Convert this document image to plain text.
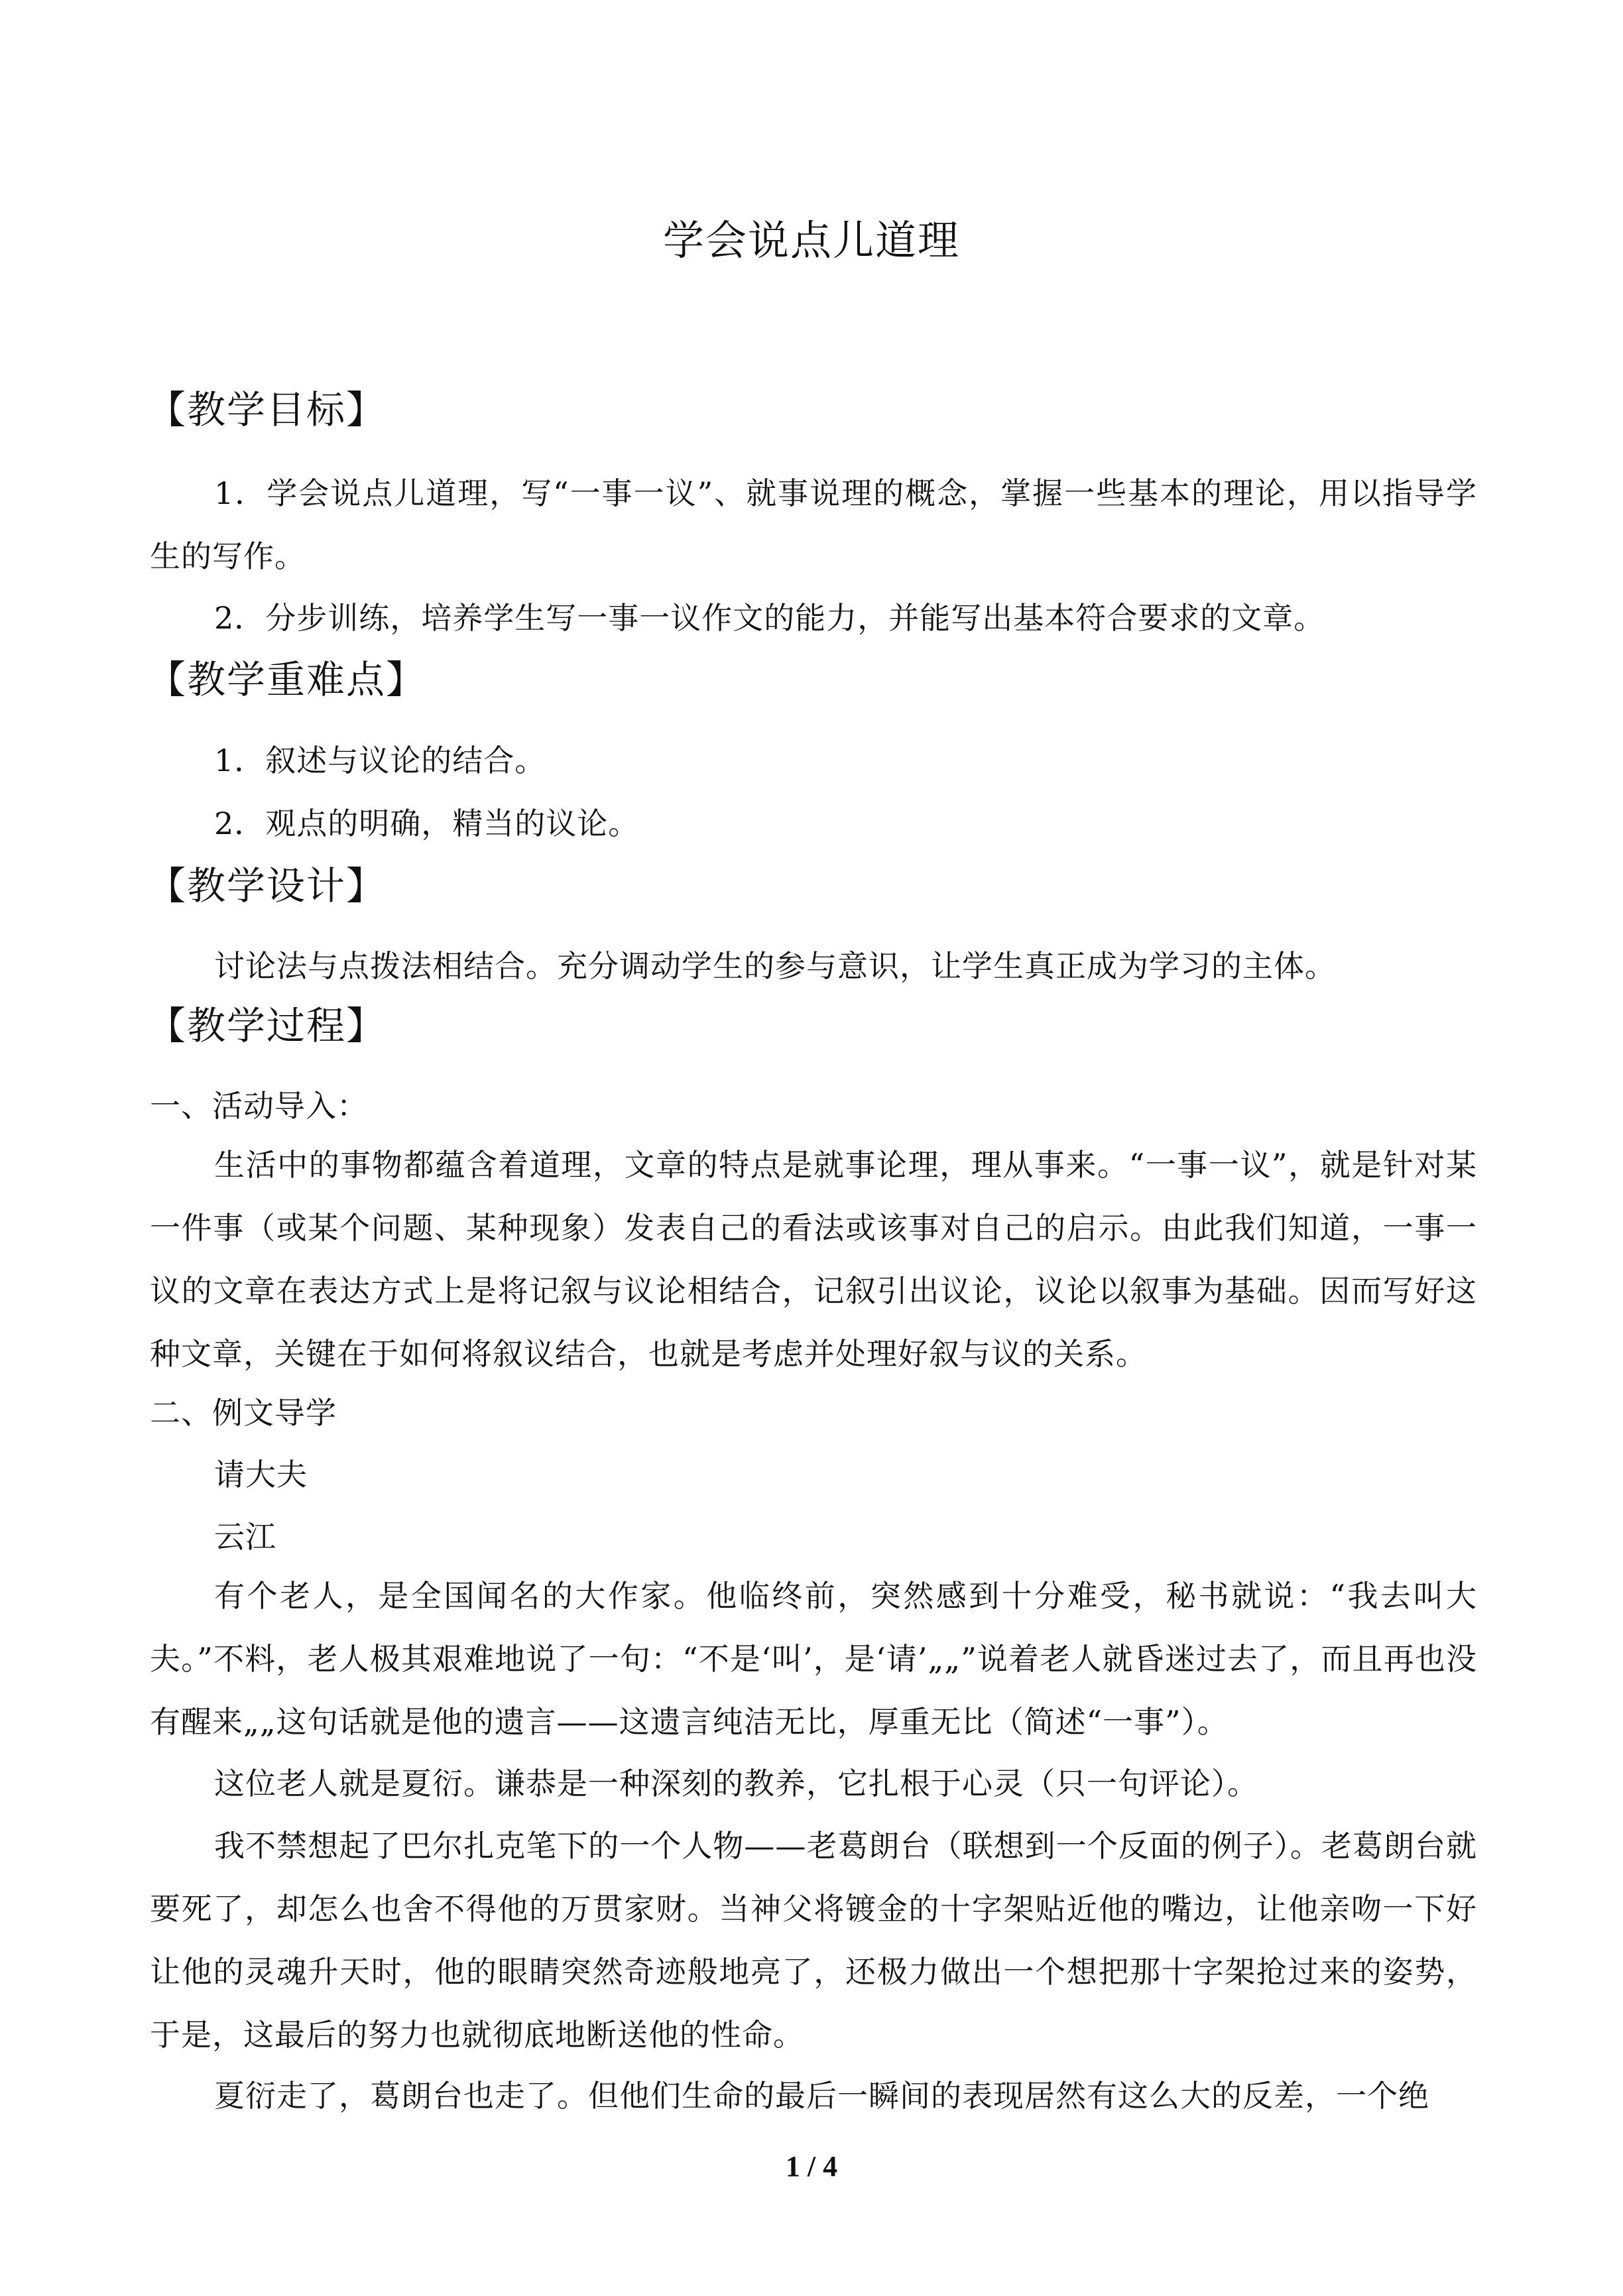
学会说点儿道理
【教学目标】
1．学会说点儿道理，写“一事一议”、就事说理的概念，掌握一些基本的理论，用以指导学生的写作。
2．分步训练，培养学生写一事一议作文的能力，并能写出基本符合要求的文章。
【教学重难点】
1．叙述与议论的结合。
2．观点的明确，精当的议论。
【教学设计】
讨论法与点拨法相结合。充分调动学生的参与意识，让学生真正成为学习的主体。
【教学过程】
一、活动导入：
生活中的事物都蕴含着道理，文章的特点是就事论理，理从事来。“一事一议”，就是针对某一件事（或某个问题、某种现象）发表自己的看法或该事对自己的启示。由此我们知道，一事一议的文章在表达方式上是将记叙与议论相结合，记叙引出议论，议论以叙事为基础。因而写好这种文章，关键在于如何将叙议结合，也就是考虑并处理好叙与议的关系。
二、例文导学
请大夫
云江
有个老人，是全国闻名的大作家。他临终前，突然感到十分难受，秘书就说：“我去叫大夫。”不料，老人极其艰难地说了一句：“不是‘叫’，是‘请’„„”说着老人就昏迷过去了，而且再也没有醒来„„这句话就是他的遗言——这遗言纯洁无比，厚重无比（简述“一事”）。
这位老人就是夏衍。谦恭是一种深刻的教养，它扎根于心灵（只一句评论）。
我不禁想起了巴尔扎克笔下的一个人物——老葛朗台（联想到一个反面的例子）。老葛朗台就要死了，却怎么也舍不得他的万贯家财。当神父将镀金的十字架贴近他的嘴边，让他亲吻一下好让他的灵魂升天时，他的眼睛突然奇迹般地亮了，还极力做出一个想把那十字架抢过来的姿势，于是，这最后的努力也就彻底地断送他的性命。
夏衍走了，葛朗台也走了。但他们生命的最后一瞬间的表现居然有这么大的反差，一个绝
1 / 4
